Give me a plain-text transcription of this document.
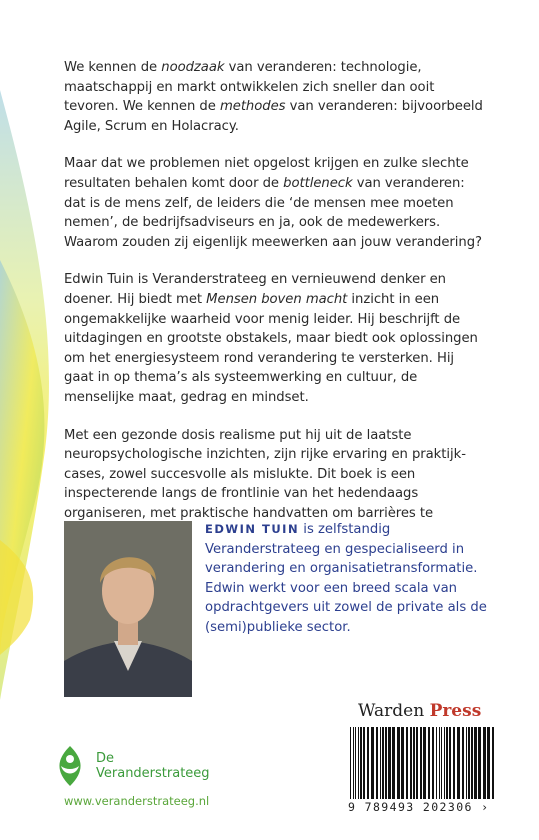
We kennen de noodzaak van veranderen: technologie, maatschappij en markt ontwikkelen zich sneller dan ooit tevoren. We kennen de methodes van veranderen: bijvoorbeeld Agile, Scrum en Holacracy.

Maar dat we problemen niet opgelost krijgen en zulke slechte resultaten behalen komt door de bottleneck van veranderen: dat is de mens zelf, de leiders die ‘de mensen mee moeten nemen’, de bedrijfsadviseurs en ja, ook de medewerkers. Waarom zouden zij eigenlijk meewerken aan jouw verandering?

Edwin Tuin is Veranderstrateeg en vernieuwend denker en doener. Hij biedt met Mensen boven macht inzicht in een ongemakkelijke waarheid voor menig leider. Hij beschrijft de uitdagingen en grootste obstakels, maar biedt ook oplossingen om het energiesysteem rond verandering te versterken. Hij gaat in op thema’s als systeemwerking en cultuur, de menselijke maat, gedrag en mindset.

Met een gezonde dosis realisme put hij uit de laatste neuropsychologische inzichten, zijn rijke ervaring en praktijk-cases, zowel succesvolle als mislukte. Dit boek is een inspecterende langs de frontlinie van het hedendaags organiseren, met praktische handvatten om barrières te

EDWIN TUIN is zelfstandig Veranderstrateeg en gespecialiseerd in verandering en organisatietransformatie. Edwin werkt voor een breed scala van opdrachtgevers uit zowel de private als de (semi)publieke sector.
Warden Press
9 789493 202306 ›
De
Veranderstrateeg
www.veranderstrateeg.nl
